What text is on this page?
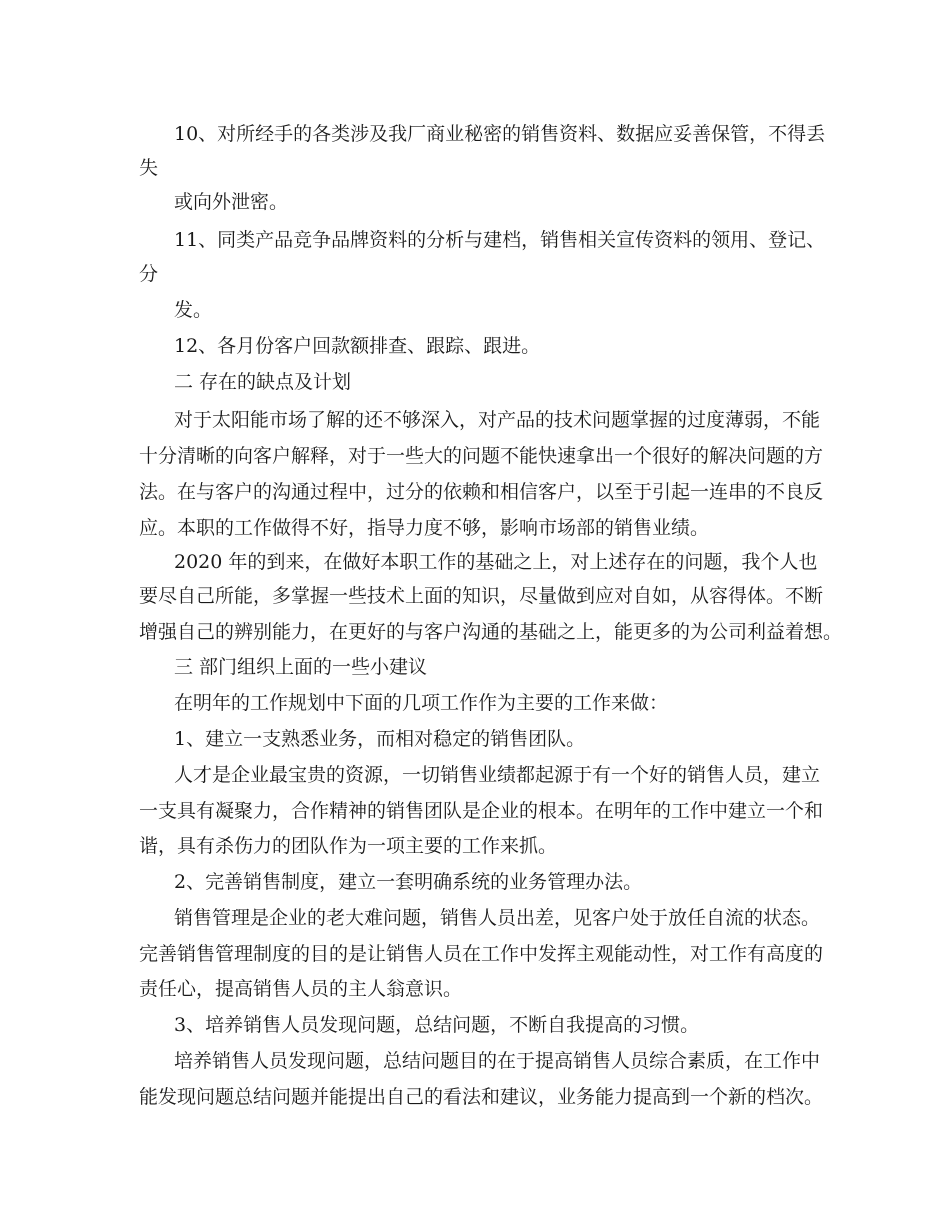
10、对所经手的各类涉及我厂商业秘密的销售资料、数据应妥善保管，不得丢
失
或向外泄密。
11、同类产品竞争品牌资料的分析与建档，销售相关宣传资料的领用、登记、
分
发。
12、各月份客户回款额排查、跟踪、跟进。
二 存在的缺点及计划
对于太阳能市场了解的还不够深入，对产品的技术问题掌握的过度薄弱，不能
十分清晰的向客户解释，对于一些大的问题不能快速拿出一个很好的解决问题的方
法。在与客户的沟通过程中，过分的依赖和相信客户，以至于引起一连串的不良反
应。本职的工作做得不好，指导力度不够，影响市场部的销售业绩。
2020 年的到来，在做好本职工作的基础之上，对上述存在的问题，我个人也
要尽自己所能，多掌握一些技术上面的知识，尽量做到应对自如，从容得体。不断
增强自己的辨别能力，在更好的与客户沟通的基础之上，能更多的为公司利益着想。
三 部门组织上面的一些小建议
在明年的工作规划中下面的几项工作作为主要的工作来做：
1、建立一支熟悉业务，而相对稳定的销售团队。
人才是企业最宝贵的资源，一切销售业绩都起源于有一个好的销售人员，建立
一支具有凝聚力，合作精神的销售团队是企业的根本。在明年的工作中建立一个和
谐，具有杀伤力的团队作为一项主要的工作来抓。
2、完善销售制度，建立一套明确系统的业务管理办法。
销售管理是企业的老大难问题，销售人员出差，见客户处于放任自流的状态。
完善销售管理制度的目的是让销售人员在工作中发挥主观能动性，对工作有高度的
责任心，提高销售人员的主人翁意识。
3、培养销售人员发现问题，总结问题，不断自我提高的习惯。
培养销售人员发现问题，总结问题目的在于提高销售人员综合素质，在工作中
能发现问题总结问题并能提出自己的看法和建议，业务能力提高到一个新的档次。
